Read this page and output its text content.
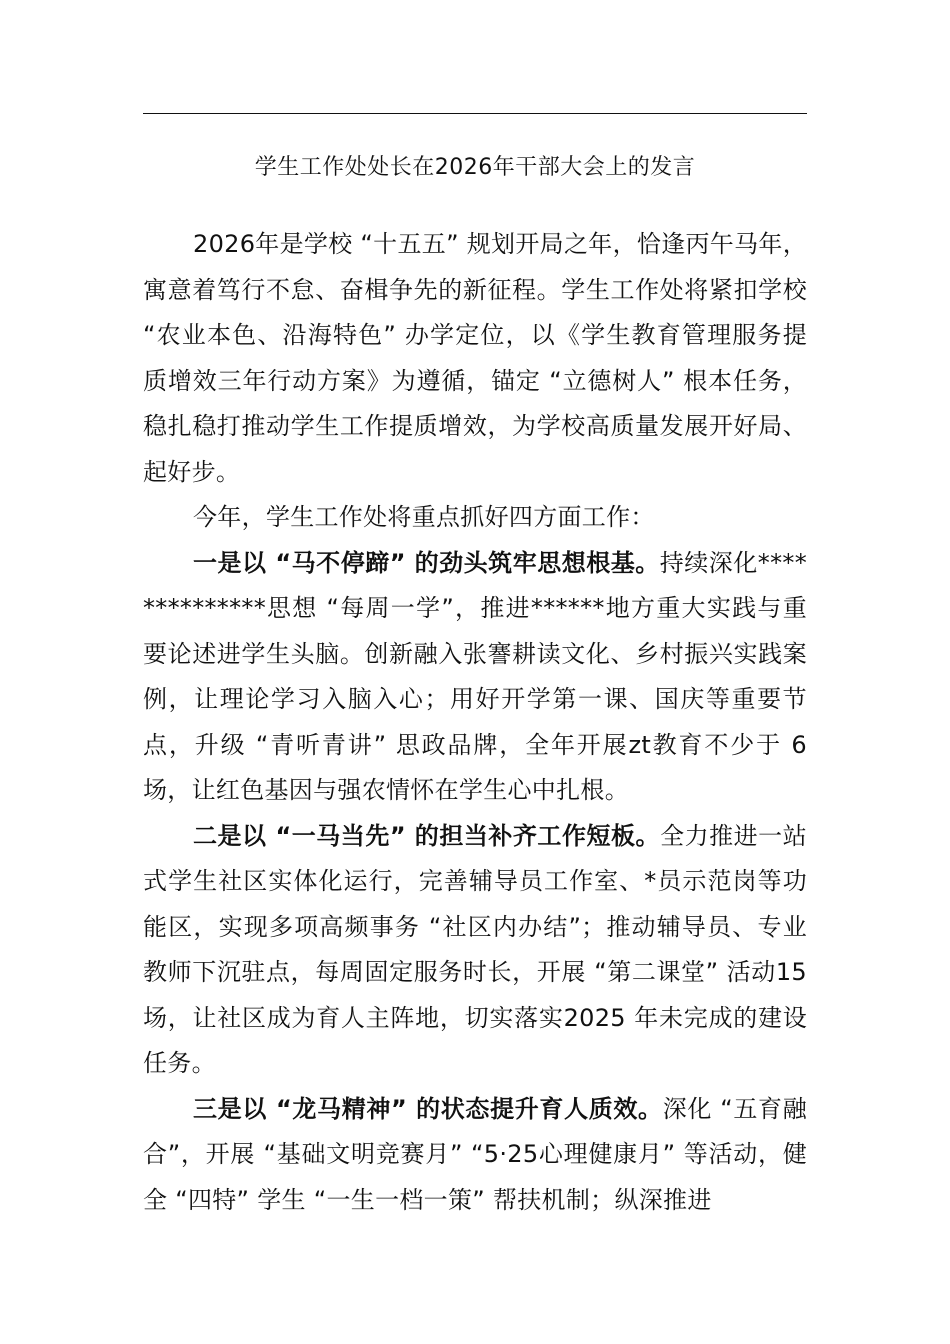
学生工作处处长在2026年干部大会上的发言

2026年是学校 “十五五” 规划开局之年，恰逢丙午马年，寓意着笃行不怠、奋楫争先的新征程。学生工作处将紧扣学校 “农业本色、沿海特色” 办学定位，以《学生教育管理服务提质增效三年行动方案》为遵循，锚定 “立德树人” 根本任务，稳扎稳打推动学生工作提质增效，为学校高质量发展开好局、起好步。

今年，学生工作处将重点抓好四方面工作：

一是以 “马不停蹄” 的劲头筑牢思想根基。持续深化**************思想 “每周一学”，推进******地方重大实践与重要论述进学生头脑。创新融入张謇耕读文化、乡村振兴实践案例，让理论学习入脑入心；用好开学第一课、国庆等重要节点，升级 “青听青讲” 思政品牌，全年开展zt教育不少于 6场，让红色基因与强农情怀在学生心中扎根。

二是以 “一马当先” 的担当补齐工作短板。全力推进一站式学生社区实体化运行，完善辅导员工作室、*员示范岗等功能区，实现多项高频事务 “社区内办结”；推动辅导员、专业教师下沉驻点，每周固定服务时长，开展 “第二课堂” 活动15场，让社区成为育人主阵地，切实落实2025 年未完成的建设任务。

三是以 “龙马精神” 的状态提升育人质效。深化 “五育融合”，开展 “基础文明竞赛月” “5·25心理健康月” 等活动，健全 “四特” 学生 “一生一档一策” 帮扶机制；纵深推进
